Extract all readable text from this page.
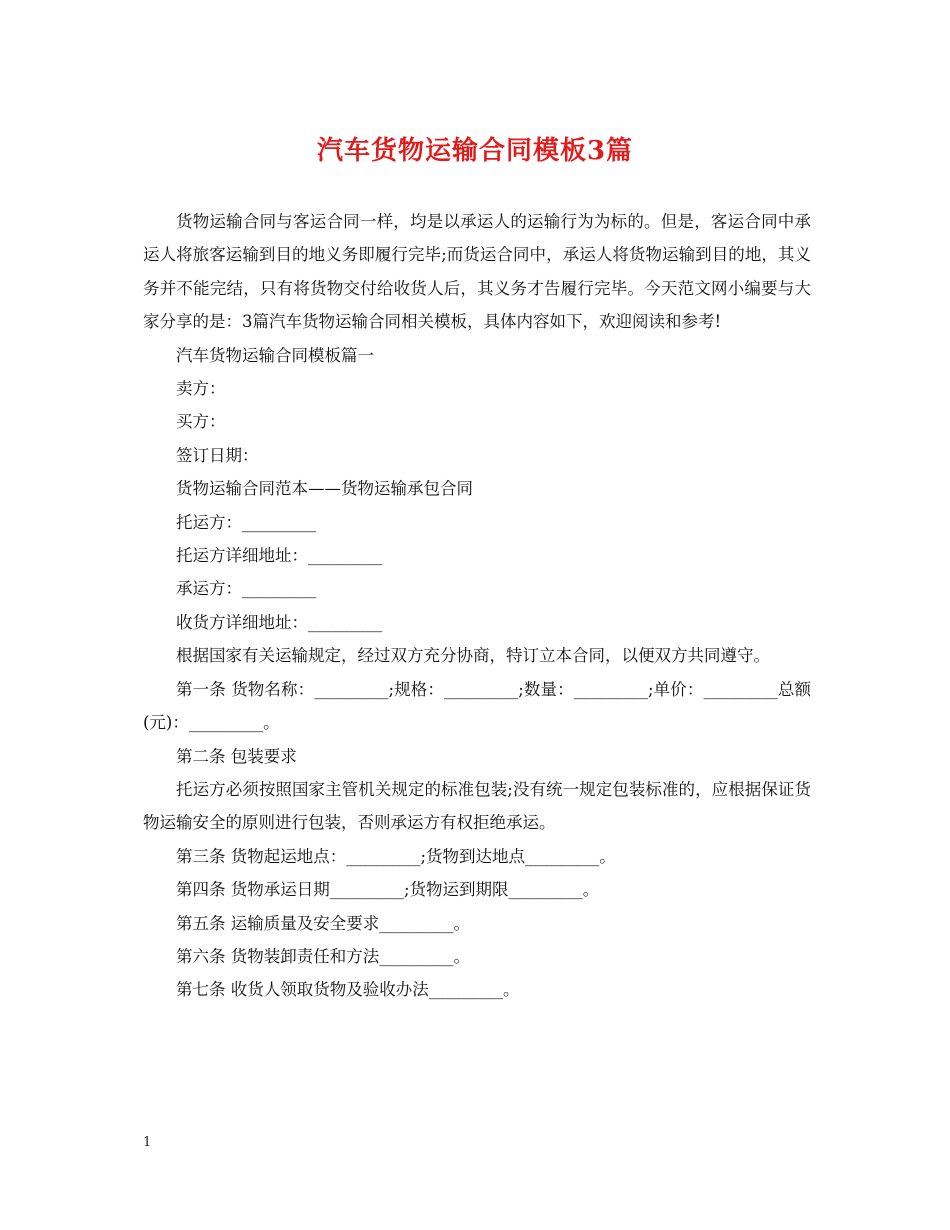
汽车货物运输合同模板3篇

货物运输合同与客运合同一样，均是以承运人的运输行为为标的。但是，客运合同中承运人将旅客运输到目的地义务即履行完毕;而货运合同中，承运人将货物运输到目的地，其义务并不能完结，只有将货物交付给收货人后，其义务才告履行完毕。今天范文网小编要与大家分享的是：3篇汽车货物运输合同相关模板，具体内容如下，欢迎阅读和参考!

汽车货物运输合同模板篇一

卖方：

买方：

签订日期：

货物运输合同范本——货物运输承包合同

托运方：_________

托运方详细地址：_________

承运方：_________

收货方详细地址：_________

根据国家有关运输规定，经过双方充分协商，特订立本合同，以便双方共同遵守。

第一条 货物名称：_________;规格：_________;数量：_________;单价：_________总额(元)：_________。

第二条 包装要求

托运方必须按照国家主管机关规定的标准包装;没有统一规定包装标准的，应根据保证货物运输安全的原则进行包装，否则承运方有权拒绝承运。

第三条 货物起运地点：_________;货物到达地点_________。

第四条 货物承运日期_________;货物运到期限_________。

第五条 运输质量及安全要求_________。

第六条 货物装卸责任和方法_________。

第七条 收货人领取货物及验收办法_________。

1
